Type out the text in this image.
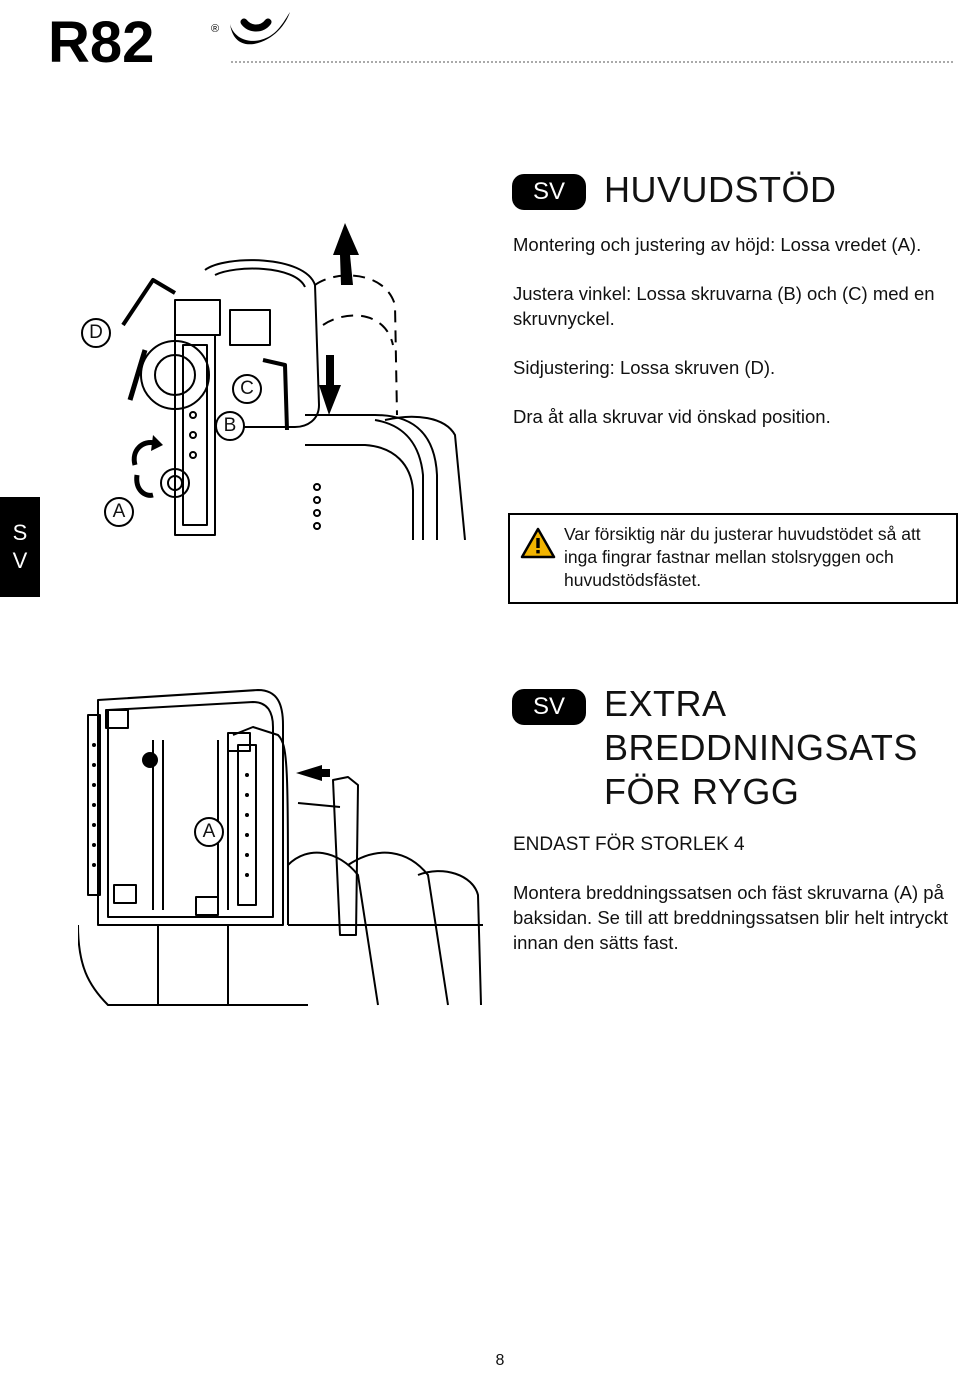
R82	®
S
V
SV	HUVUDSTÖD

Montering och justering av höjd: Lossa vredet (A).

Justera vinkel: Lossa skruvarna (B) och (C) med en skruvnyckel.

Sidjustering: Lossa skruven (D).

Dra åt alla skruvar vid önskad position.

Var försiktig när du justerar huvudstödet så att inga fingrar fastnar mellan stolsryggen och huvudstödsfästet.
D
C
B
A
SV	EXTRA
BREDDNINGSATS
FÖR RYGG
ENDAST FÖR STORLEK 4
Montera breddningssatsen och fäst skruvarna (A) på baksidan. Se till att breddningssatsen blir helt intryckt innan den sätts fast.
A
8
